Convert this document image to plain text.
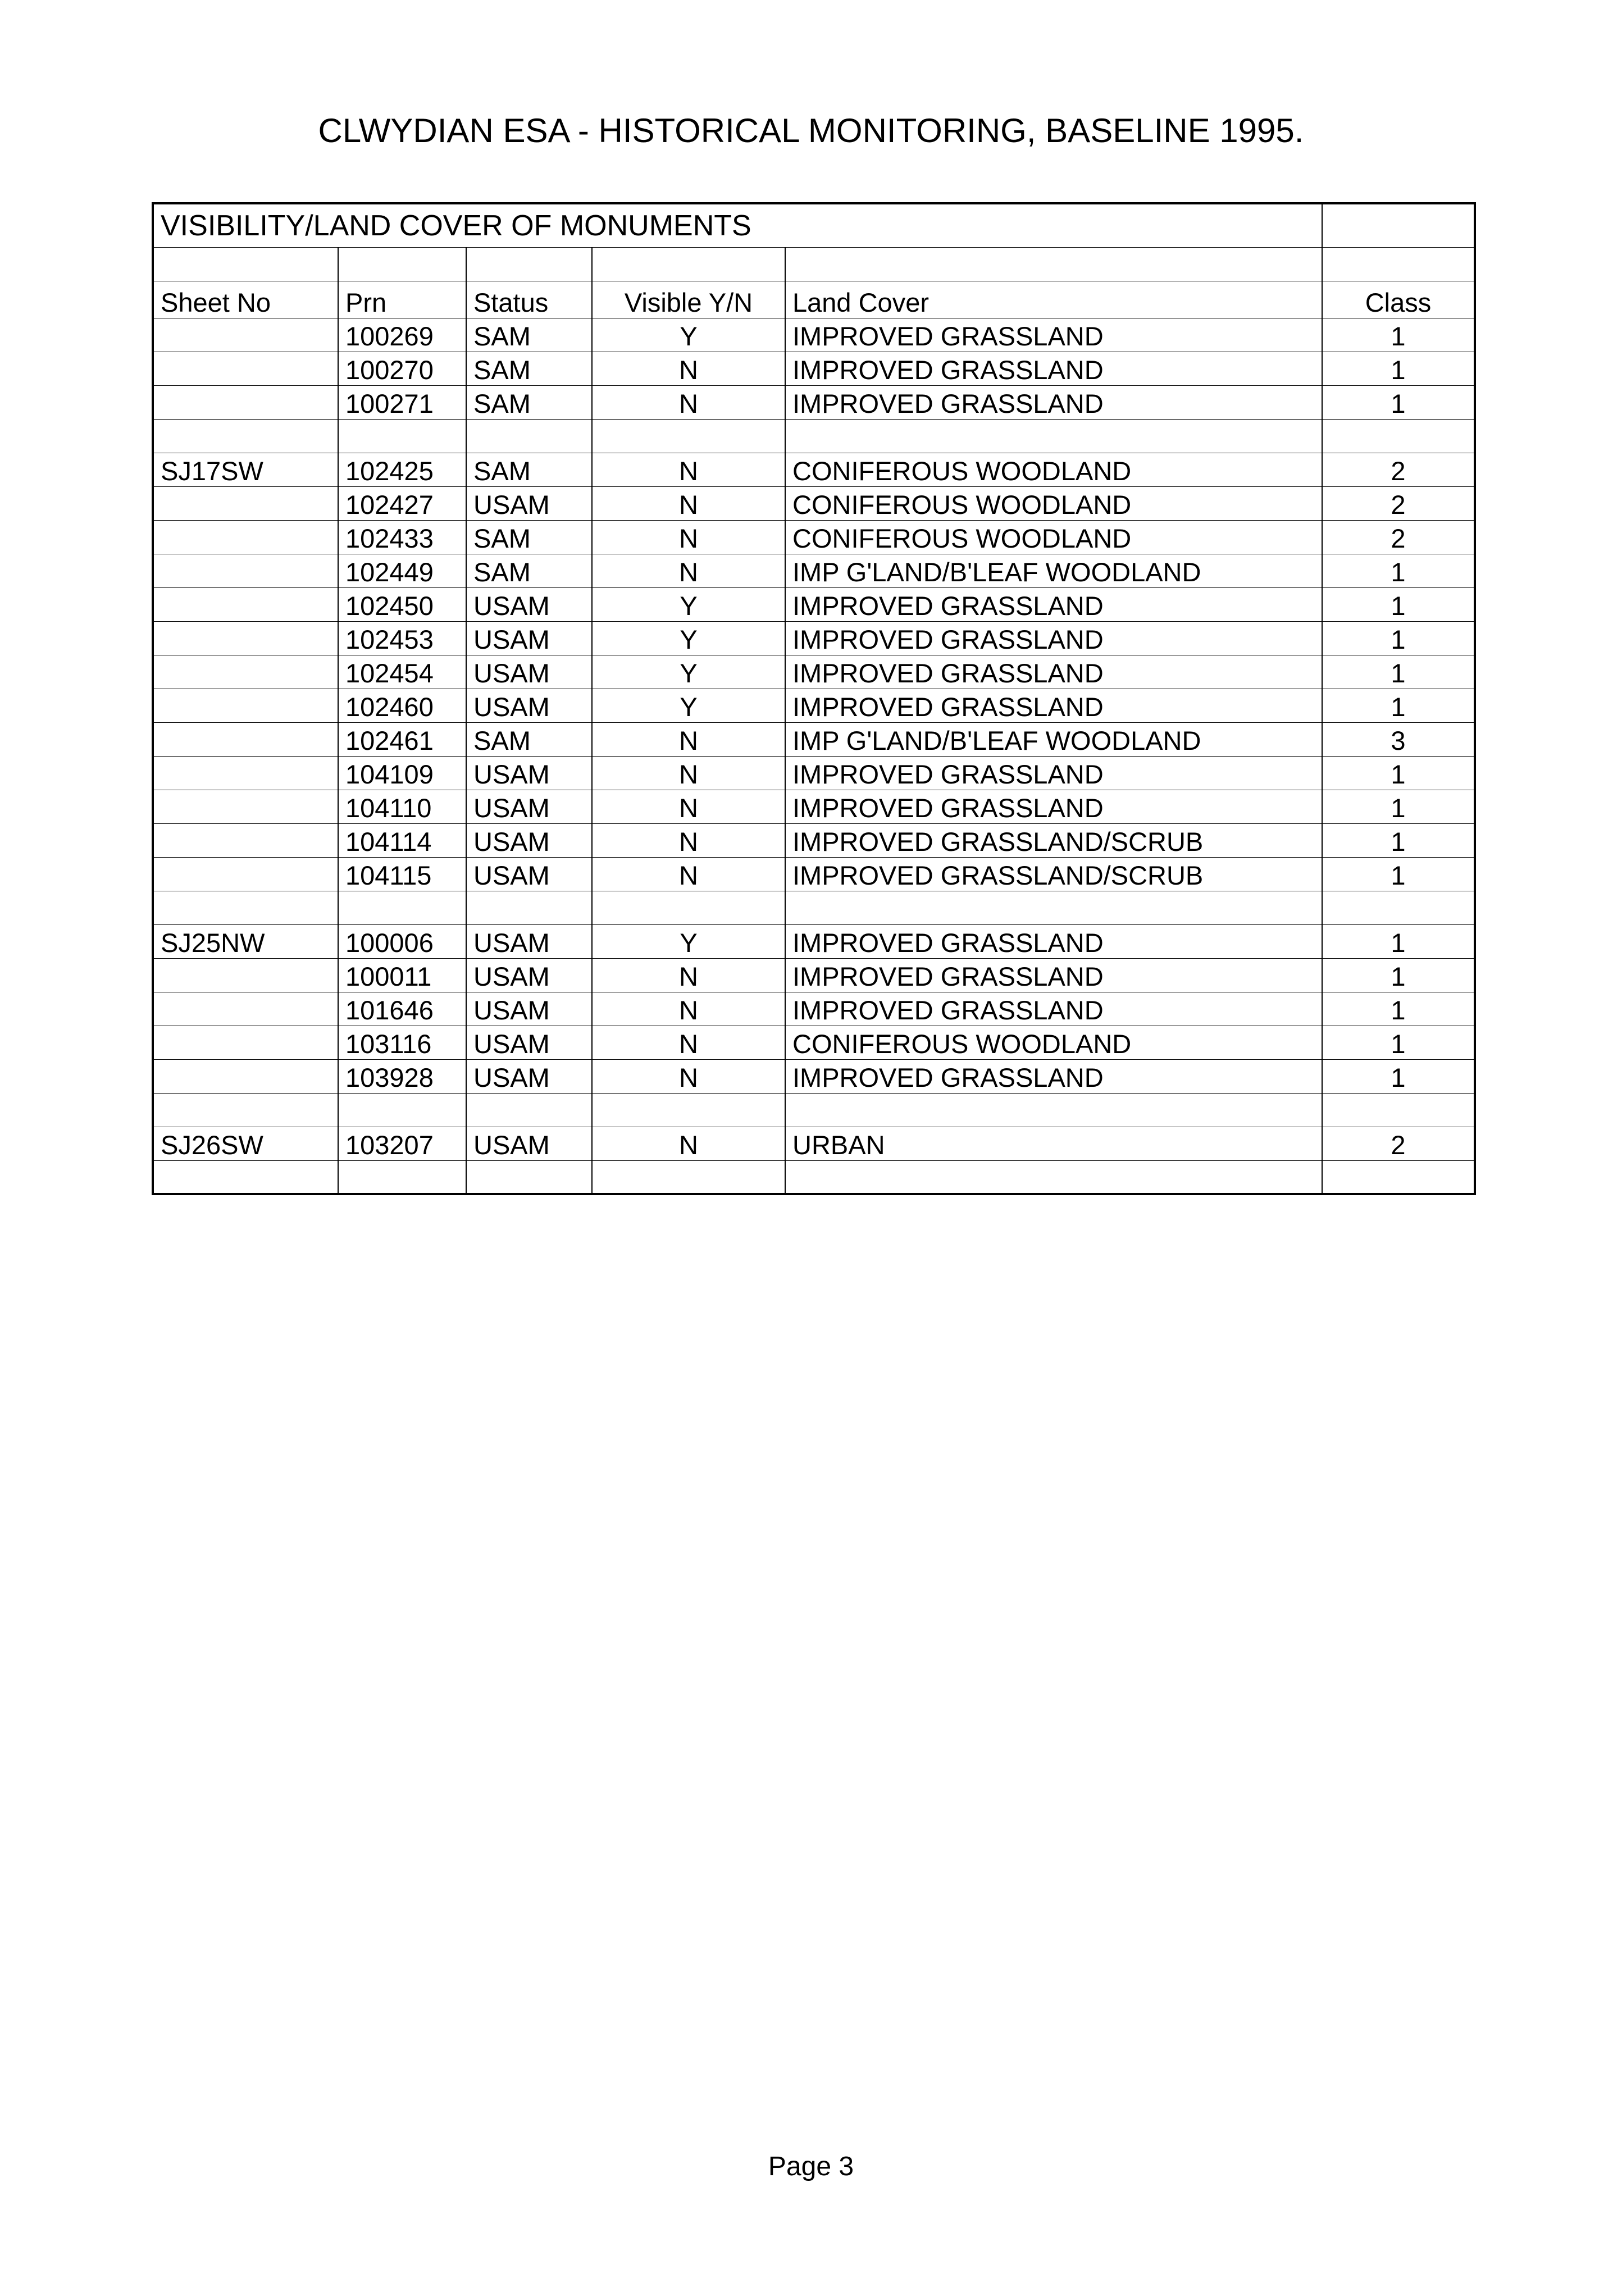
CLWYDIAN ESA - HISTORICAL MONITORING, BASELINE 1995.
VISIBILITY/LAND COVER OF MONUMENTS					

Sheet No	Prn	Status	Visible Y/N	Land Cover	Class
	100269	SAM	Y	IMPROVED GRASSLAND	1
	100270	SAM	N	IMPROVED GRASSLAND	1
	100271	SAM	N	IMPROVED GRASSLAND	1

SJ17SW	102425	SAM	N	CONIFEROUS WOODLAND	2
	102427	USAM	N	CONIFEROUS WOODLAND	2
	102433	SAM	N	CONIFEROUS WOODLAND	2
	102449	SAM	N	IMP G'LAND/B'LEAF WOODLAND	1
	102450	USAM	Y	IMPROVED GRASSLAND	1
	102453	USAM	Y	IMPROVED GRASSLAND	1
	102454	USAM	Y	IMPROVED GRASSLAND	1
	102460	USAM	Y	IMPROVED GRASSLAND	1
	102461	SAM	N	IMP G'LAND/B'LEAF WOODLAND	3
	104109	USAM	N	IMPROVED GRASSLAND	1
	104110	USAM	N	IMPROVED GRASSLAND	1
	104114	USAM	N	IMPROVED GRASSLAND/SCRUB	1
	104115	USAM	N	IMPROVED GRASSLAND/SCRUB	1

SJ25NW	100006	USAM	Y	IMPROVED GRASSLAND	1
	100011	USAM	N	IMPROVED GRASSLAND	1
	101646	USAM	N	IMPROVED GRASSLAND	1
	103116	USAM	N	CONIFEROUS WOODLAND	1
	103928	USAM	N	IMPROVED GRASSLAND	1

SJ26SW	103207	USAM	N	URBAN	2

Page 3
